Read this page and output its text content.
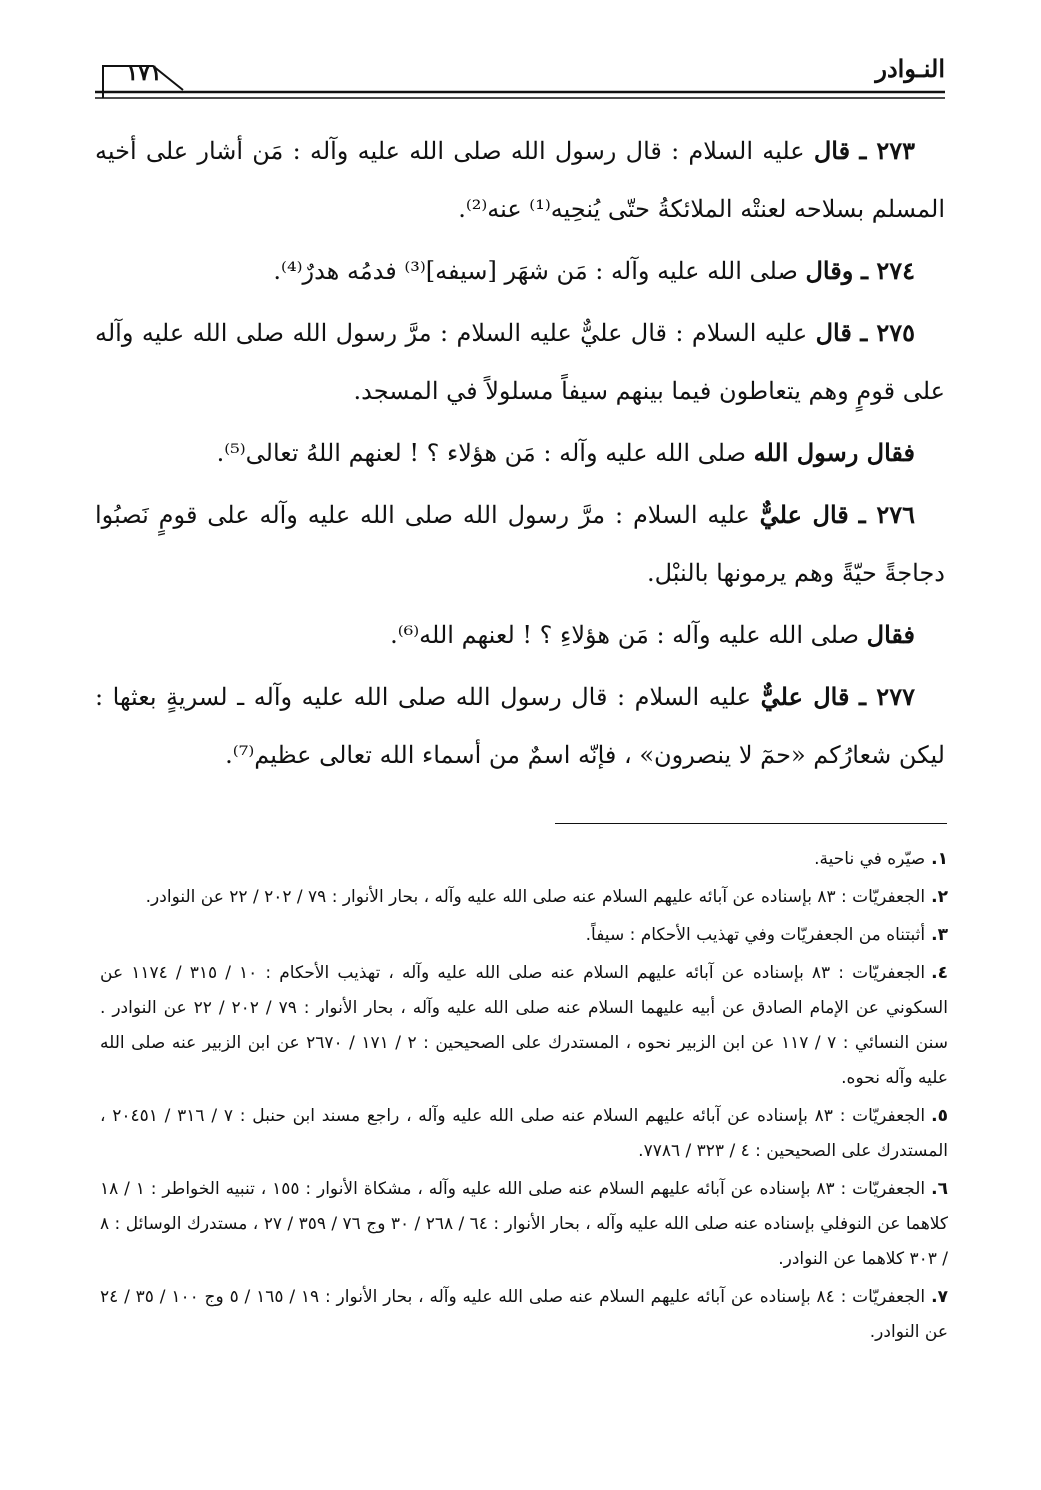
١٧١	النـوادر

٢٧٣ ـ قال عليه السلام : قال رسول الله صلى الله عليه وآله : مَن أشار على أخيه المسلم بسلاحه لعنتْه الملائكةُ حتّى يُنحِيه⁽¹⁾ عنه⁽²⁾.

٢٧٤ ـ وقال صلى الله عليه وآله : مَن شهَر [سيفه]⁽³⁾ فدمُه هدرٌ⁽⁴⁾.

٢٧٥ ـ قال عليه السلام : قال عليٌّ عليه السلام : مرَّ رسول الله صلى الله عليه وآله على قومٍ وهم يتعاطون فيما بينهم سيفاً مسلولاً في المسجد.

فقال رسول الله صلى الله عليه وآله : مَن هؤلاء ؟ ! لعنهم اللهُ تعالى⁽⁵⁾.

٢٧٦ ـ قال عليٌّ عليه السلام : مرَّ رسول الله صلى الله عليه وآله على قومٍ نَصبُوا دجاجةً حيّةً وهم يرمونها بالنبْل.

فقال صلى الله عليه وآله : مَن هؤلاءِ ؟ ! لعنهم الله⁽⁶⁾.

٢٧٧ ـ قال عليٌّ عليه السلام : قال رسول الله صلى الله عليه وآله ـ لسريةٍ بعثها : ليكن شعارُكم «حمٓ لا ينصرون» ، فإنّه اسمٌ من أسماء الله تعالى عظيم⁽⁷⁾.

١.صيّره في ناحية.

٢.الجعفريّات : ٨٣ بإسناده عن آبائه عليهم السلام عنه صلى الله عليه وآله ، بحار الأنوار : ٧٩ / ٢٠٢ / ٢٢ عن النوادر.

٣.أثبتناه من الجعفريّات وفي تهذيب الأحكام : سيفاً.

٤.الجعفريّات : ٨٣ بإسناده عن آبائه عليهم السلام عنه صلى الله عليه وآله ، تهذيب الأحكام : ١٠ / ٣١٥ / ١١٧٤ عن السكوني عن الإمام الصادق عن أبيه عليهما السلام عنه صلى الله عليه وآله ، بحار الأنوار : ٧٩ / ٢٠٢ / ٢٢ عن النوادر . سنن النسائي : ٧ / ١١٧ عن ابن الزبير نحوه ، المستدرك على الصحيحين : ٢ / ١٧١ / ٢٦٧٠ عن ابن الزبير عنه صلى الله عليه وآله نحوه.

٥.الجعفريّات : ٨٣ بإسناده عن آبائه عليهم السلام عنه صلى الله عليه وآله ، راجع مسند ابن حنبل : ٧ / ٣١٦ / ٢٠٤٥١ ، المستدرك على الصحيحين : ٤ / ٣٢٣ / ٧٧٨٦.

٦.الجعفريّات : ٨٣ بإسناده عن آبائه عليهم السلام عنه صلى الله عليه وآله ، مشكاة الأنوار : ١٥٥ ، تنبيه الخواطر : ١ / ١٨ كلاهما عن النوفلي بإسناده عنه صلى الله عليه وآله ، بحار الأنوار : ٦٤ / ٢٦٨ / ٣٠ وج ٧٦ / ٣٥٩ / ٢٧ ، مستدرك الوسائل : ٨ / ٣٠٣ كلاهما عن النوادر.

٧.الجعفريّات : ٨٤ بإسناده عن آبائه عليهم السلام عنه صلى الله عليه وآله ، بحار الأنوار : ١٩ / ١٦٥ / ٥ وج ١٠٠ / ٣٥ / ٢٤ عن النوادر.
